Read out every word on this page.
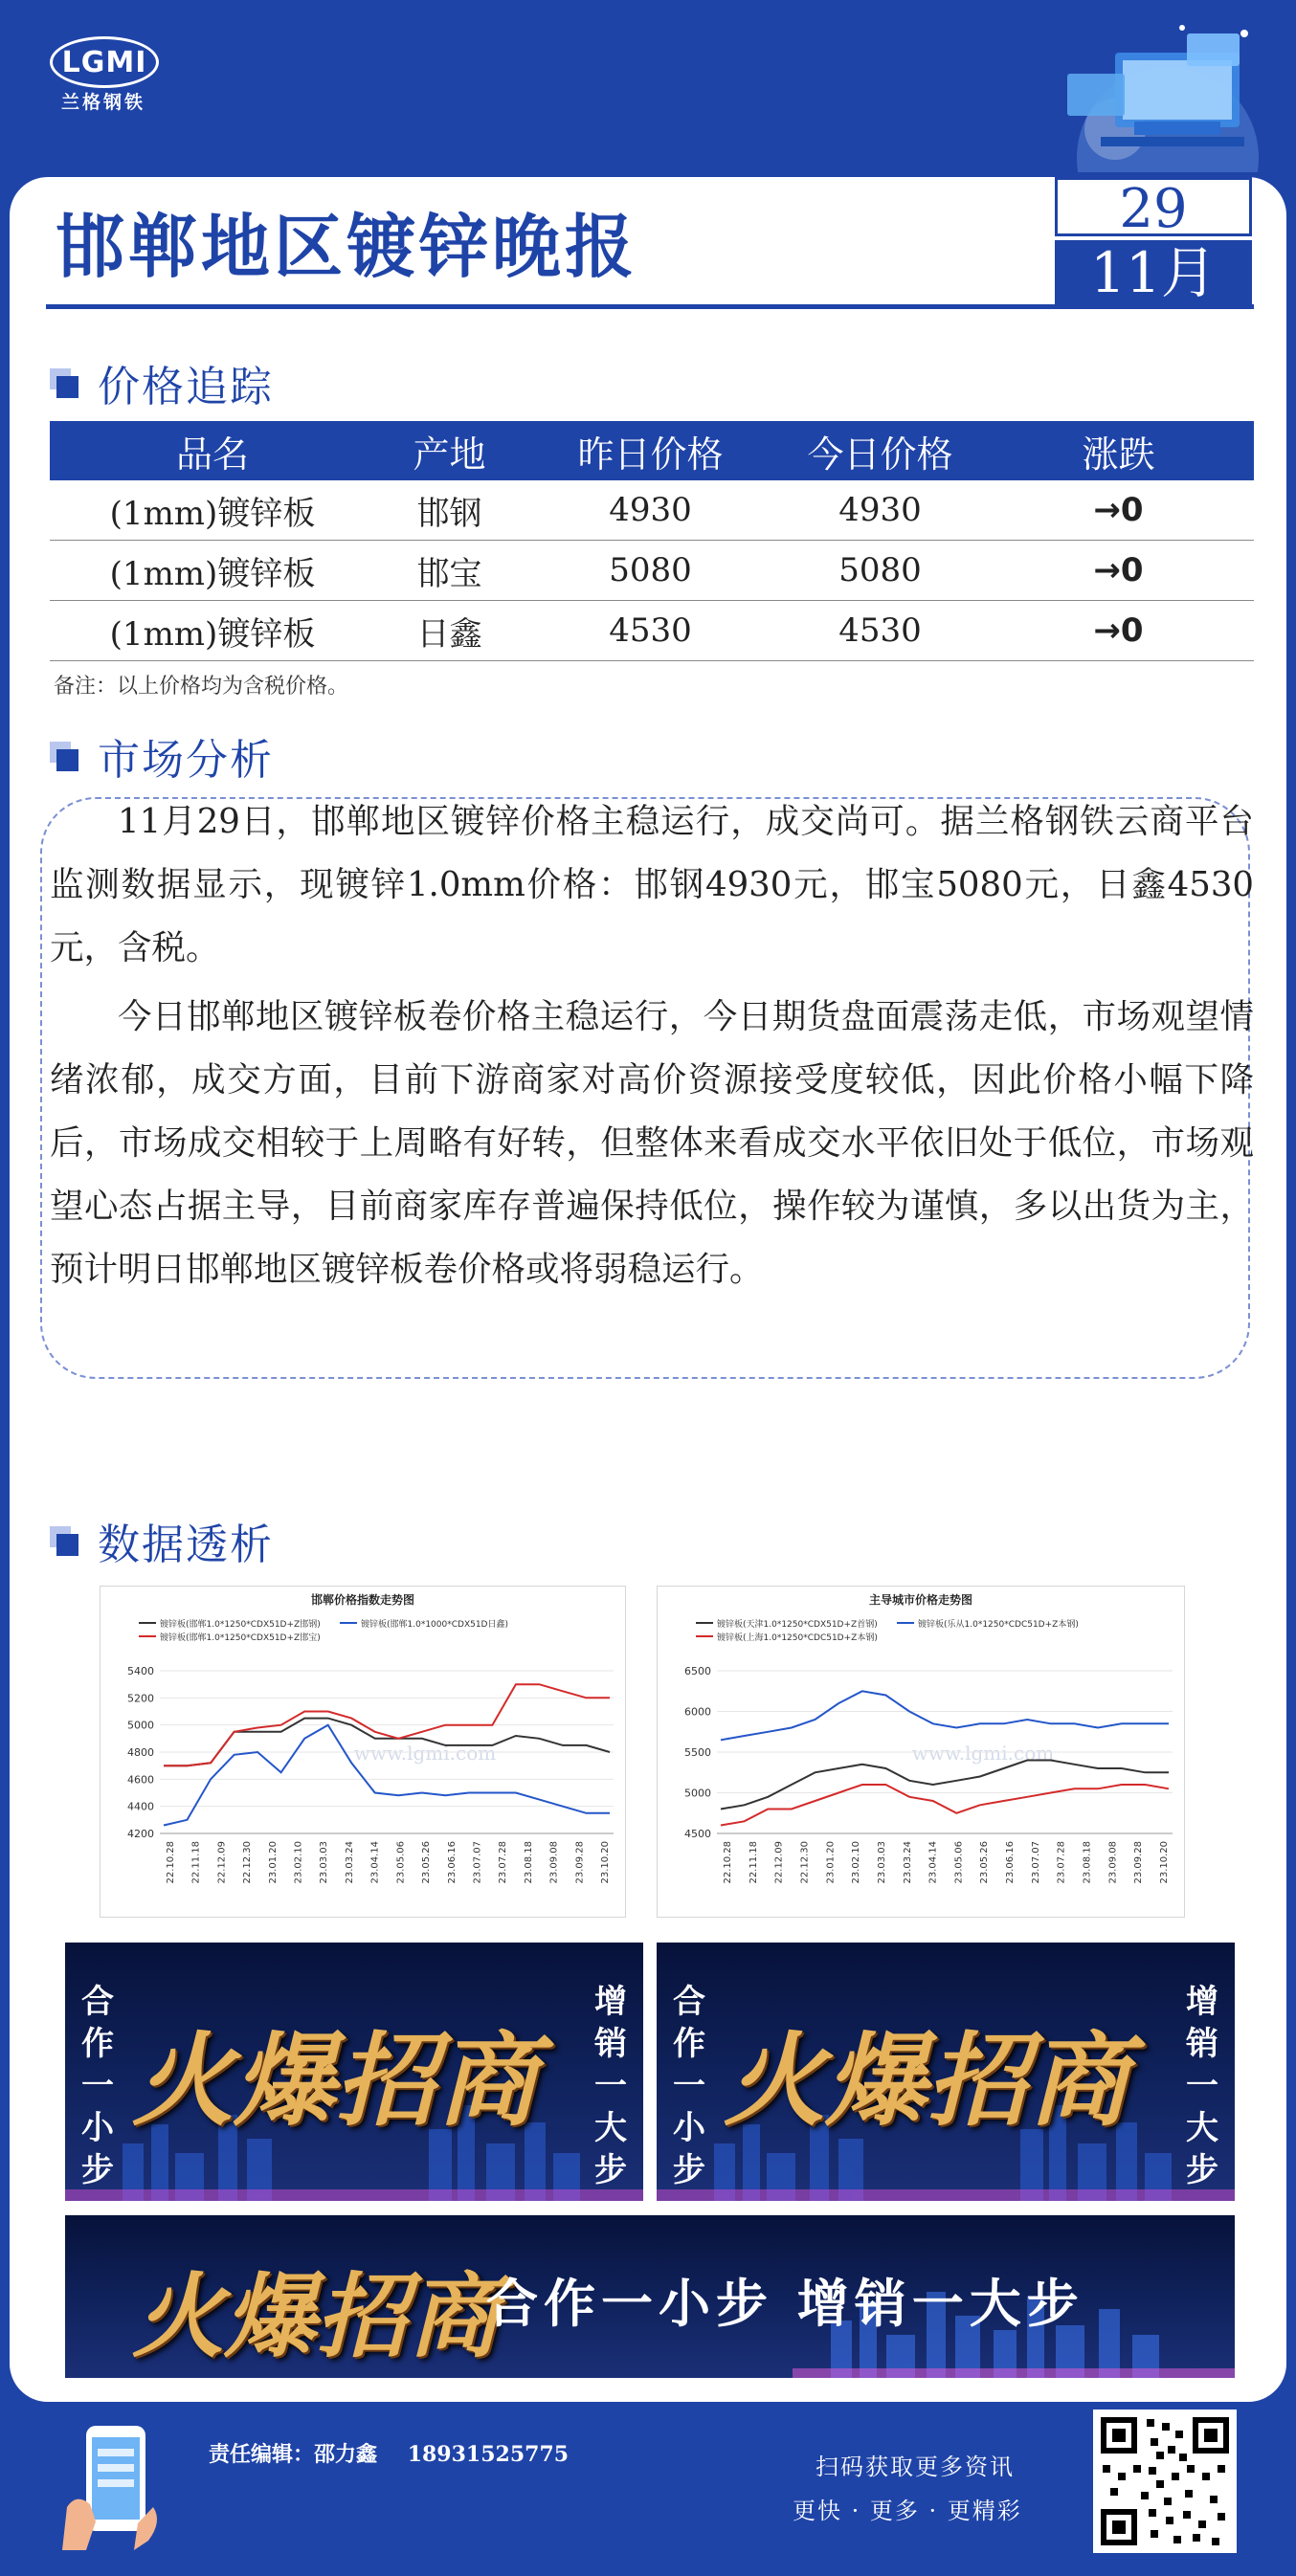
LGMI
兰格钢铁
邯郸地区镀锌晚报	29
11月
价格追踪
品名	产地	昨日价格	今日价格	涨跌
(1mm)镀锌板	邯钢	4930	4930	→0
(1mm)镀锌板	邯宝	5080	5080	→0
(1mm)镀锌板	日鑫	4530	4530	→0
备注：以上价格均为含税价格。
市场分析
11月29日，邯郸地区镀锌价格主稳运行，成交尚可。据兰格钢铁云商平台监测数据显示，现镀锌1.0mm价格：邯钢4930元，邯宝5080元，日鑫4530元，含税。
今日邯郸地区镀锌板卷价格主稳运行，今日期货盘面震荡走低，市场观望情绪浓郁，成交方面，目前下游商家对高价资源接受度较低，因此价格小幅下降后，市场成交相较于上周略有好转，但整体来看成交水平依旧处于低位，市场观望心态占据主导，目前商家库存普遍保持低位，操作较为谨慎，多以出货为主，预计明日邯郸地区镀锌板卷价格或将弱稳运行。
数据透析
邯郸价格指数走势图
镀锌板(邯郸1.0*1250*CDX51D+Z邯钢)	镀锌板(邯郸1.0*1000*CDX51D日鑫)
镀锌板(邯郸1.0*1250*CDX51D+Z邯宝)
www.lgmi.com
4200
4400
4600
4800
5000
5200
5400
22.10.28 22.11.18 22.12.09 22.12.30 23.01.20 23.02.10 23.03.03 23.03.24 23.04.14 23.05.06 23.05.26 23.06.16 23.07.07 23.07.28 23.08.18 23.09.08 23.09.28 23.10.20
主导城市价格走势图
镀锌板(天津1.0*1250*CDX51D+Z首钢)	镀锌板(乐从1.0*1250*CDC51D+Z本钢)
镀锌板(上海1.0*1250*CDC51D+Z本钢)
www.lgmi.com
4500
5000
5500
6000
6500
22.10.28 22.11.18 22.12.09 22.12.30 23.01.20 23.02.10 23.03.03 23.03.24 23.04.14 23.05.06 23.05.26 23.06.16 23.07.07 23.07.28 23.08.18 23.09.08 23.09.28 23.10.20
合作一小步
增销一大步
火爆招商
合作一小步
增销一大步
火爆招商
火爆招商
合作一小步 增销一大步
责任编辑：邵力鑫 18931525775	扫码获取更多资讯
更快 · 更多 · 更精彩
